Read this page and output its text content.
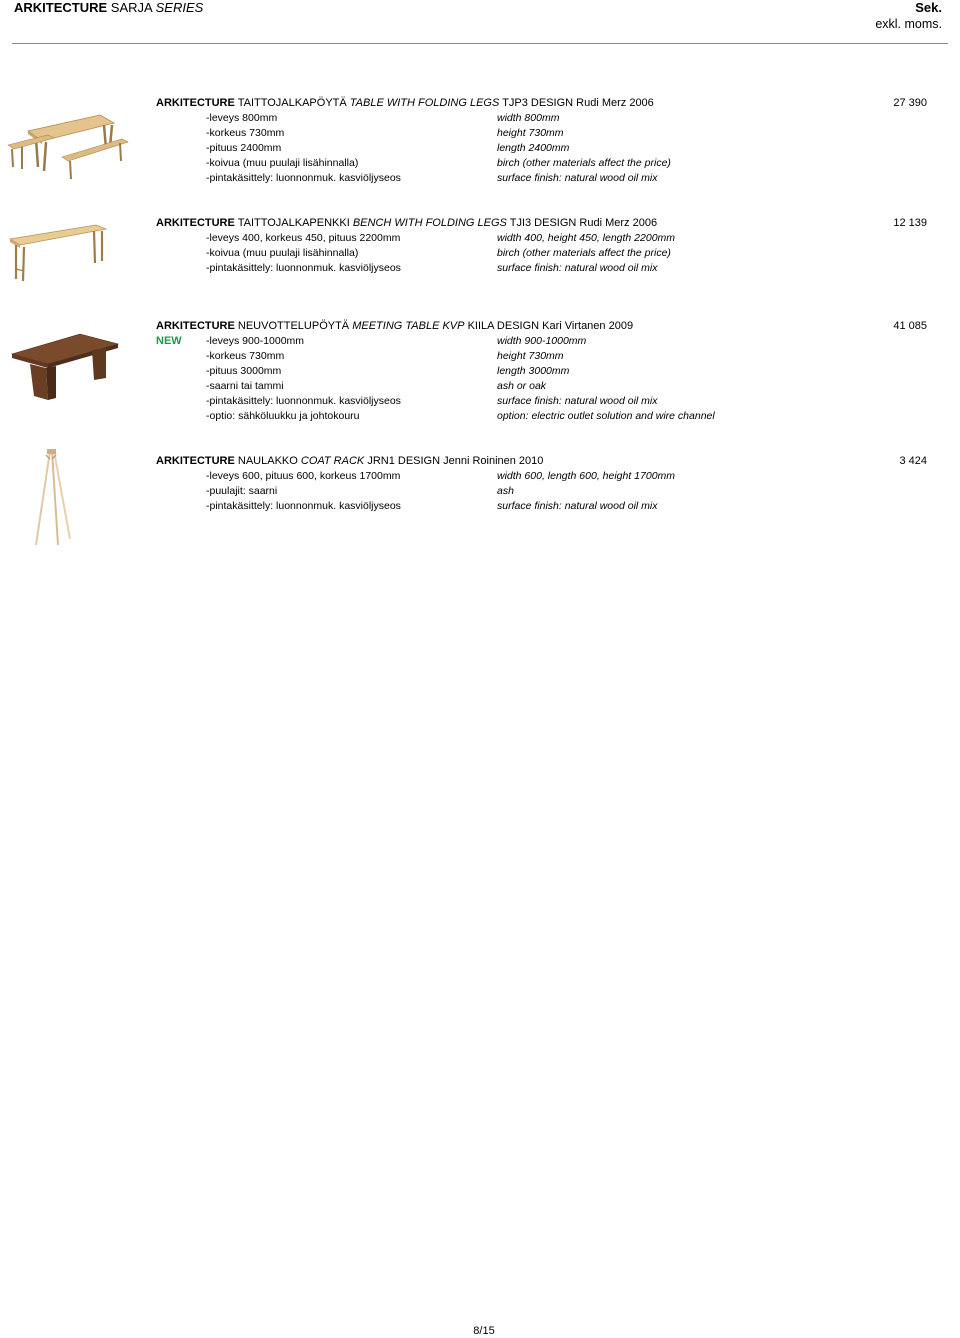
ARKITECTURE SARJA SERIES	Sek.
exkl. moms.
ARKITECTURE TAITTOJALKAPÖYTÄ TABLE WITH FOLDING LEGS TJP3 DESIGN Rudi Merz 2006	27 390
-leveys 800mm	width 800mm
-korkeus 730mm	height 730mm
-pituus 2400mm	length 2400mm
-koivua (muu puulaji lisähinnalla)	birch (other materials affect the price)
-pintakäsittely: luonnonmuk. kasviöljyseos	surface finish: natural wood oil mix
ARKITECTURE TAITTOJALKAPENKKI BENCH WITH FOLDING LEGS TJI3 DESIGN Rudi Merz 2006	12 139
-leveys 400, korkeus 450, pituus 2200mm	width 400, height 450, length 2200mm
-koivua (muu puulaji lisähinnalla)	birch (other materials affect the price)
-pintakäsittely: luonnonmuk. kasviöljyseos	surface finish: natural wood oil mix
ARKITECTURE NEUVOTTELUPÖYTÄ MEETING TABLE KVP KIILA DESIGN Kari Virtanen 2009	41 085
NEW -leveys 900-1000mm	width 900-1000mm
-korkeus 730mm	height 730mm
-pituus 3000mm	length 3000mm
-saarni tai tammi	ash or oak
-pintakäsittely: luonnonmuk. kasviöljyseos	surface finish: natural wood oil mix
-optio: sähköluukku ja johtokouru	option: electric outlet solution and wire channel
ARKITECTURE NAULAKKO COAT RACK JRN1 DESIGN Jenni Roininen 2010	3 424
-leveys 600, pituus 600, korkeus 1700mm	width 600, length 600, height 1700mm
-puulajit: saarni	ash
-pintakäsittely: luonnonmuk. kasviöljyseos	surface finish: natural wood oil mix
8/15
